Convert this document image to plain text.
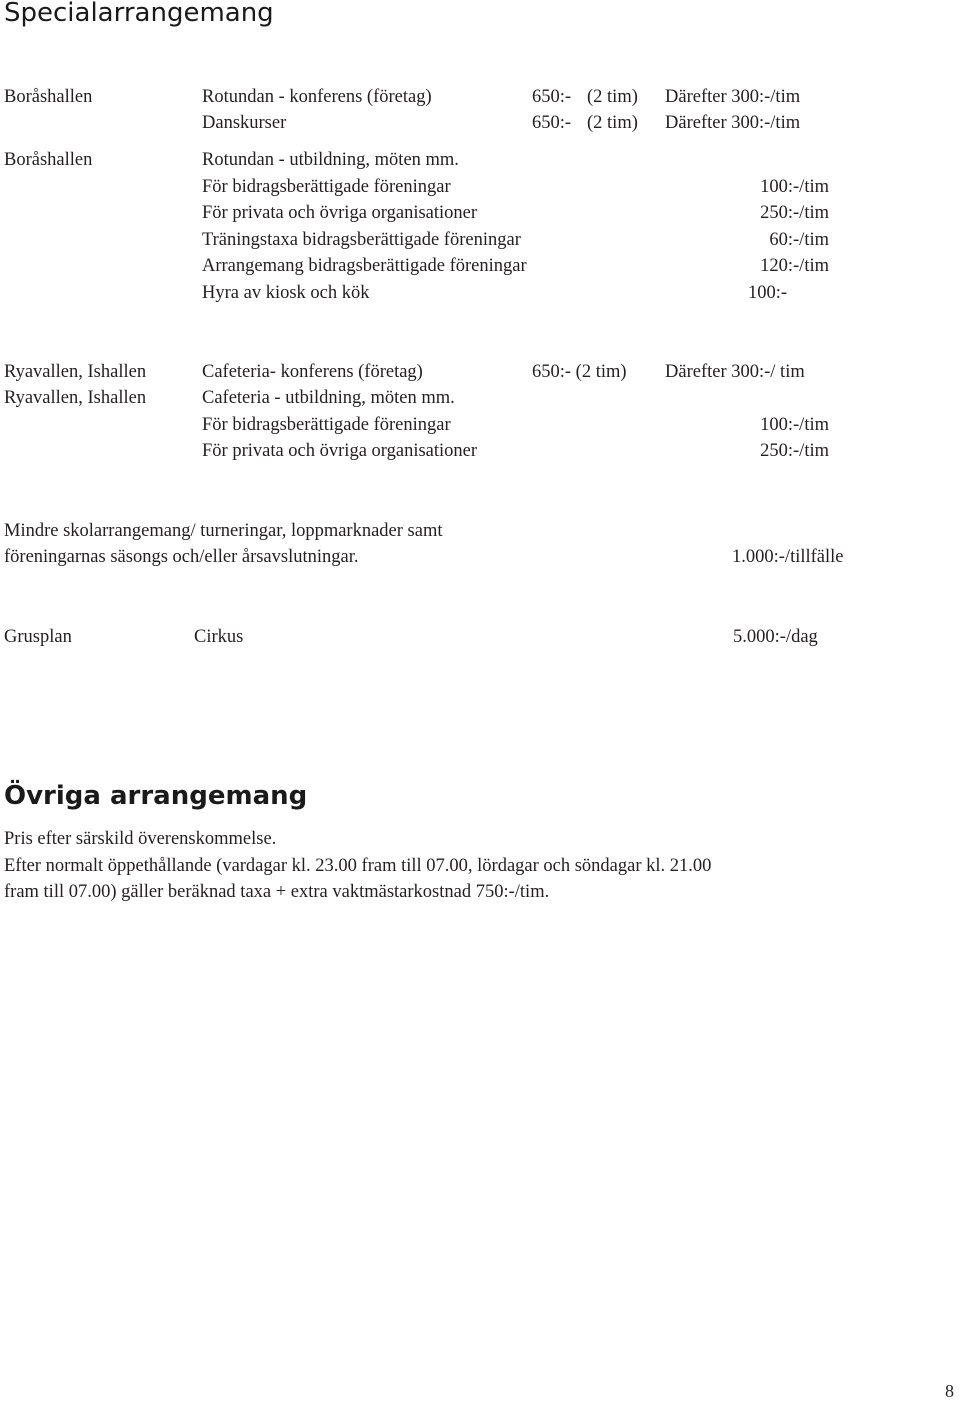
Specialarrangemang
Boråshallen	Rotundan - konferens (företag)	650:- (2 tim) Därefter 300:-/tim
Danskurser	650:- (2 tim) Därefter 300:-/tim
Boråshallen	Rotundan - utbildning, möten mm.
För bidragsberättigade föreningar	100:-/tim
För privata och övriga organisationer	250:-/tim
Träningstaxa bidragsberättigade föreningar	60:-/tim
Arrangemang bidragsberättigade föreningar	120:-/tim
Hyra av kiosk och kök	100:-
Ryavallen, Ishallen	Cafeteria- konferens (företag)	650:- (2 tim) Därefter 300:-/ tim
Ryavallen, Ishallen	Cafeteria - utbildning, möten mm.
För bidragsberättigade föreningar	100:-/tim
För privata och övriga organisationer	250:-/tim
Mindre skolarrangemang/ turneringar, loppmarknader samt
föreningarnas säsongs och/eller årsavslutningar.	1.000:-/tillfälle
Grusplan	Cirkus	5.000:-/dag
Övriga arrangemang
Pris efter särskild överenskommelse.
Efter normalt öppethållande (vardagar kl. 23.00 fram till 07.00, lördagar och söndagar kl. 21.00
fram till 07.00) gäller beräknad taxa + extra vaktmästarkostnad 750:-/tim.
8
